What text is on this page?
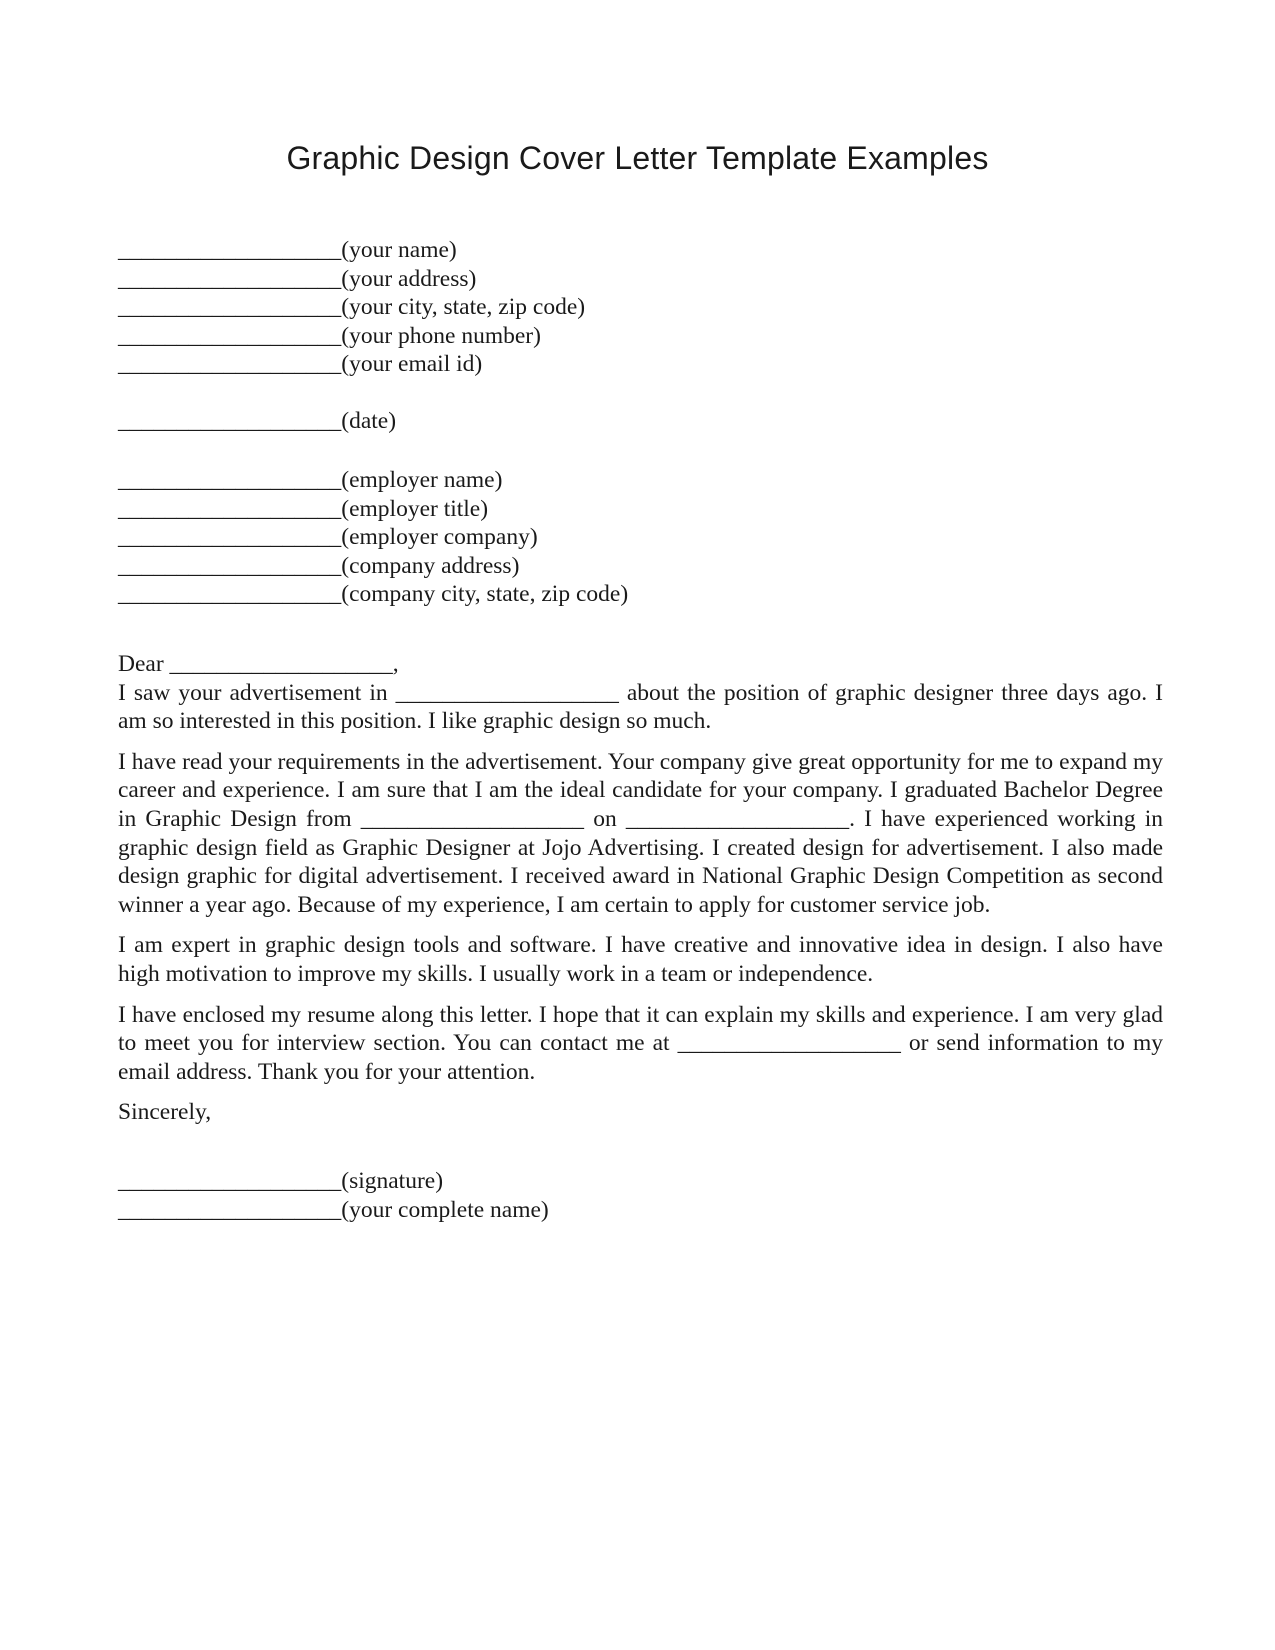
Graphic Design Cover Letter Template Examples
___________________(your name)
___________________(your address)
___________________(your city, state, zip code)
___________________(your phone number)
___________________(your email id)
___________________(date)
___________________(employer name)
___________________(employer title)
___________________(employer company)
___________________(company address)
___________________(company city, state, zip code)
Dear ___________________,
I saw your advertisement in ___________________ about the position of graphic designer three days ago. I am so interested in this position. I like graphic design so much.
I have read your requirements in the advertisement. Your company give great opportunity for me to expand my career and experience. I am sure that I am the ideal candidate for your company. I graduated Bachelor Degree in Graphic Design from ___________________ on ___________________. I have experienced working in graphic design field as Graphic Designer at Jojo Advertising. I created design for advertisement. I also made design graphic for digital advertisement. I received award in National Graphic Design Competition as second winner a year ago. Because of my experience, I am certain to apply for customer service job.
I am expert in graphic design tools and software. I have creative and innovative idea in design. I also have high motivation to improve my skills. I usually work in a team or independence.
I have enclosed my resume along this letter. I hope that it can explain my skills and experience. I am very glad to meet you for interview section. You can contact me at ___________________ or send information to my email address. Thank you for your attention.
Sincerely,
___________________(signature)
___________________(your complete name)
